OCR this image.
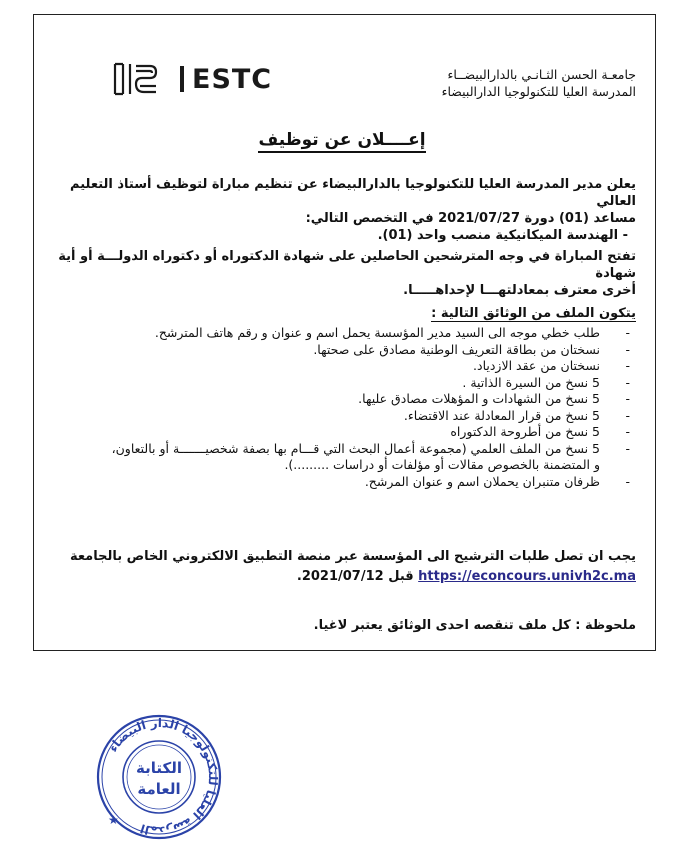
ESTC	جامعـة الحسن الثـانـي بالدارالبيضــاء
المدرسة العليا للتكنولوجيا الدارالبيضاء
إعــــلان عن توظيف
يعلن مدير المدرسة العليا للتكنولوجيا بالدارالبيضاء عن تنظيم مباراة لتوظيف أستاذ التعليم العالي
مساعد (01) دورة 2021/07/27 في التخصص التالي:
- الهندسة الميكانيكية منصب واحد (01).
تفتح المباراة في وجه المترشحين الحاصلين على شهادة الدكتوراه أو دكتوراه الدولـــة أو أية شهادة
أخرى معترف بمعادلتهـــا لإحداهـــــا.
يتكون الملف من الوثائق التالية :
-
طلب خطي موجه الى السيد مدير المؤسسة يحمل اسم و عنوان و رقم هاتف المترشح.
-
نسختان من بطاقة التعريف الوطنية مصادق على صحتها.
-
نسختان من عقد الازدياد.
-
5 نسخ من السيرة الذاتية .
-
5 نسخ من الشهادات و المؤهلات مصادق عليها.
-
5 نسخ من قرار المعادلة عند الاقتضاء.
-
5 نسخ من أطروحة الدكتوراه
-
5 نسخ من الملف العلمي (مجموعة أعمال البحث التي قـــام بها بصفة شخصيـــــــة أو بالتعاون،
و المتضمنة بالخصوص مقالات أو مؤلفات أو دراسات .........).
-
ظرفان متنبران يحملان اسم و عنوان المرشح.
يجب ان تصل طلبات الترشيح الى المؤسسة عبر منصة التطبيق الالكتروني الخاص بالجامعة
https://econcours.univh2c.ma قبل 2021/07/12.
ملحوظة : كل ملف تنقصه احدى الوثائق يعتبر لاغيا.
المدرسة العليا للتكنولوجيا الدار البيضاء
الكتابة
العامة
★
